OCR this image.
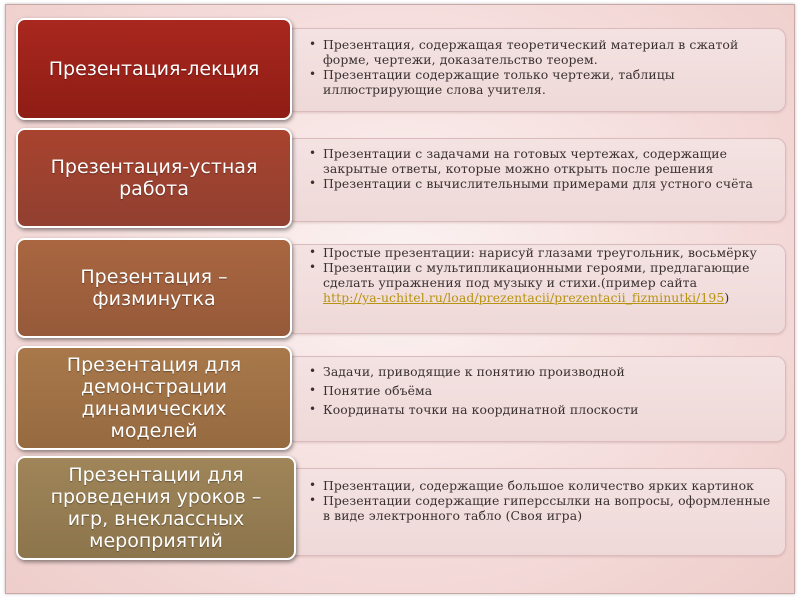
• Презентация, содержащая теоретический материал в сжатой форме, чертежи, доказательство теорем.
• Презентации содержащие только чертежи, таблицы иллюстрирующие слова учителя.
Презентация-лекция
• Презентации с задачами на готовых чертежах, содержащие закрытые ответы, которые можно открыть после решения
• Презентации с вычислительными примерами для устного счёта
Презентация-устная
работа
• Простые презентации: нарисуй глазами треугольник, восьмёрку
• Презентации с мультипликационными героями, предлагающие сделать упражнения под музыку и стихи.(пример сайта
http://ya-uchitel.ru/load/prezentacii/prezentacii_fizminutki/195)
Презентация –
физминутка
• Задачи, приводящие к понятию производной
• Понятие объёма
• Координаты точки на координатной плоскости
Презентация для
демонстрации
динамических
моделей
• Презентации, содержащие большое количество ярких картинок
• Презентации содержащие гиперссылки на вопросы, оформленные в виде электронного табло (Своя игра)
Презентации для
проведения уроков –
игр, внеклассных
мероприятий
